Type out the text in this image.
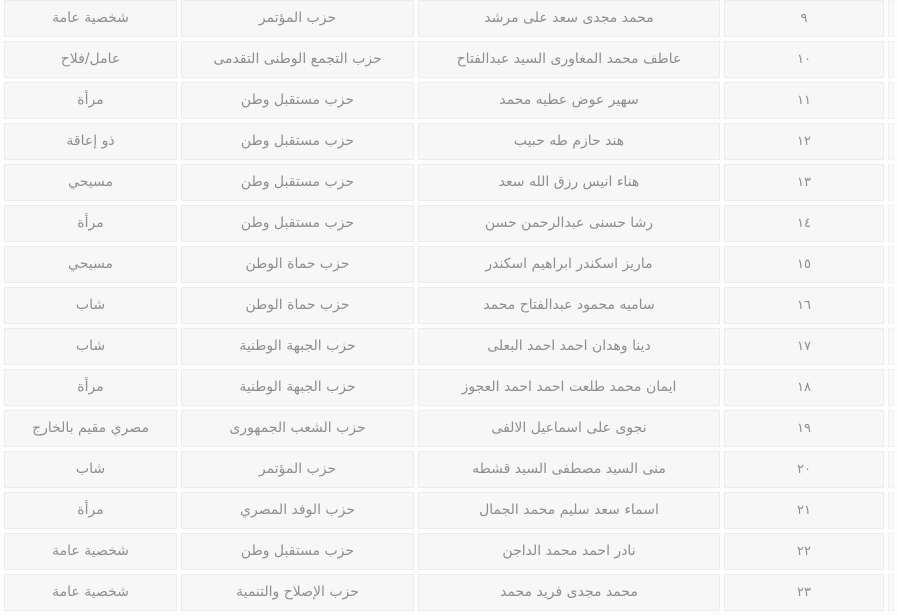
	٩	محمد مجدى سعد على مرشد	حزب المؤتمر	شخصية عامة
	١٠	عاطف محمد المغاورى السيد عبدالفتاح	حزب التجمع الوطنى التقدمى	عامل/فلاح
	١١	سهير عوض عطيه محمد	حزب مستقبل وطن	مرأة
	١٢	هند حازم طه حبيب	حزب مستقبل وطن	ذو إعاقة
	١٣	هناء انيس رزق الله سعد	حزب مستقبل وطن	مسيحي
	١٤	رشا حسنى عبدالرحمن حسن	حزب مستقبل وطن	مرأة
	١٥	ماريز اسكندر ابراهيم اسكندر	حزب حماة الوطن	مسيحي
	١٦	ساميه محمود عبدالفتاح محمد	حزب حماة الوطن	شاب
	١٧	دينا وهدان احمد احمد البعلى	حزب الجبهة الوطنية	شاب
	١٨	ايمان محمد طلعت احمد احمد العجوز	حزب الجبهة الوطنية	مرأة
	١٩	نجوى على اسماعيل الالفى	حزب الشعب الجمهورى	مصري مقيم بالخارج
	٢٠	منى السيد مصطفى السيد قشطه	حزب المؤتمر	شاب
	٢١	اسماء سعد سليم محمد الجمال	حزب الوفد المصري	مرأة
	٢٢	نادر احمد محمد الداجن	حزب مستقبل وطن	شخصية عامة
	٢٣	محمد مجدى فريد محمد	حزب الإصلاح والتنمية	شخصية عامة
